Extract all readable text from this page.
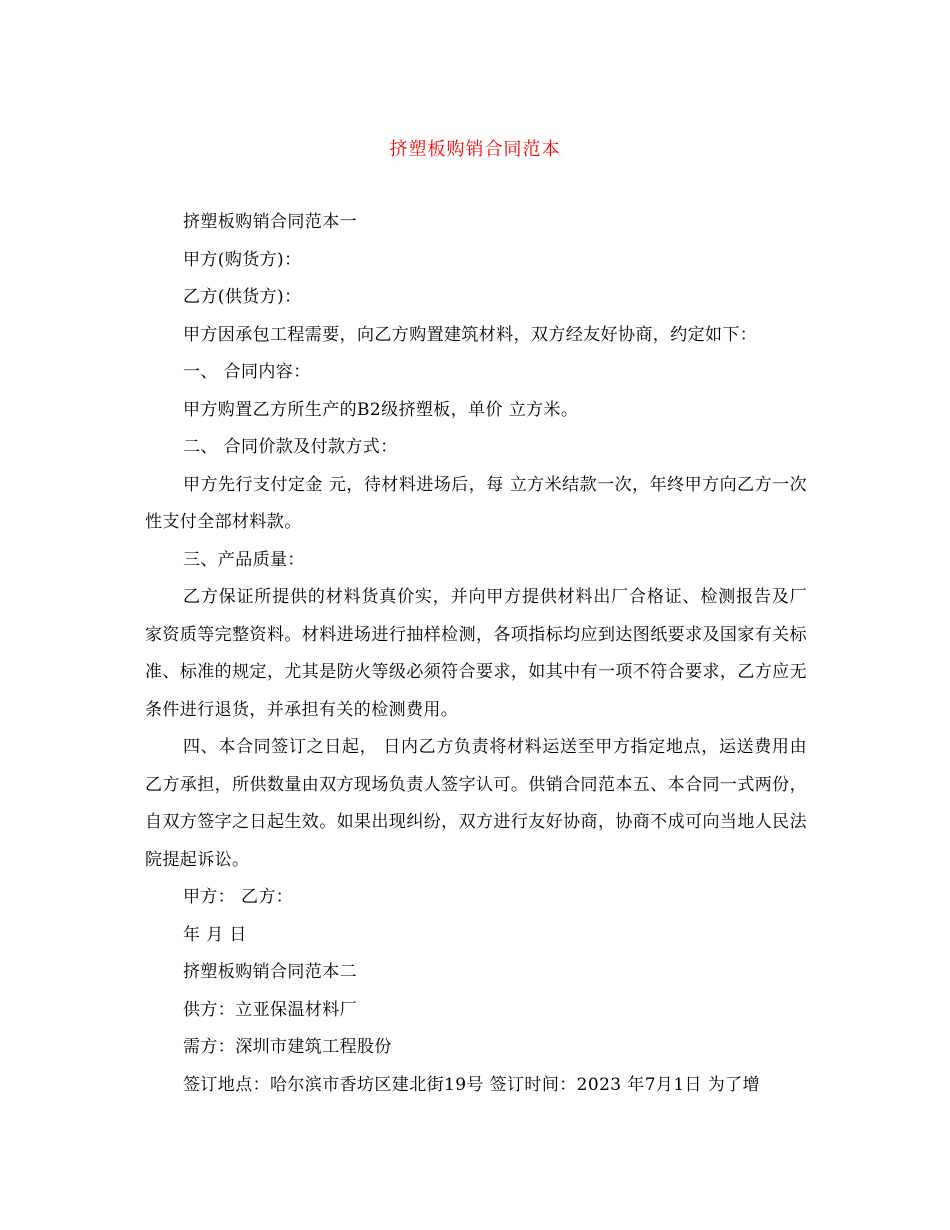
挤塑板购销合同范本

挤塑板购销合同范本一

甲方(购货方)：

乙方(供货方)：

甲方因承包工程需要，向乙方购置建筑材料，双方经友好协商，约定如下：

一、 合同内容：

甲方购置乙方所生产的B2级挤塑板，单价 立方米。

二、 合同价款及付款方式：

甲方先行支付定金 元，待材料进场后，每 立方米结款一次，年终甲方向乙方一次性支付全部材料款。

三、产品质量：

乙方保证所提供的材料货真价实，并向甲方提供材料出厂合格证、检测报告及厂家资质等完整资料。材料进场进行抽样检测，各项指标均应到达图纸要求及国家有关标准、标准的规定，尤其是防火等级必须符合要求，如其中有一项不符合要求，乙方应无条件进行退货，并承担有关的检测费用。

四、本合同签订之日起， 日内乙方负责将材料运送至甲方指定地点，运送费用由乙方承担，所供数量由双方现场负责人签字认可。供销合同范本五、本合同一式两份，自双方签字之日起生效。如果出现纠纷，双方进行友好协商，协商不成可向当地人民法院提起诉讼。

甲方： 乙方：

年 月 日

挤塑板购销合同范本二

供方：立亚保温材料厂

需方：深圳市建筑工程股份

签订地点：哈尔滨市香坊区建北街19号 签订时间：2023 年7月1日 为了增
